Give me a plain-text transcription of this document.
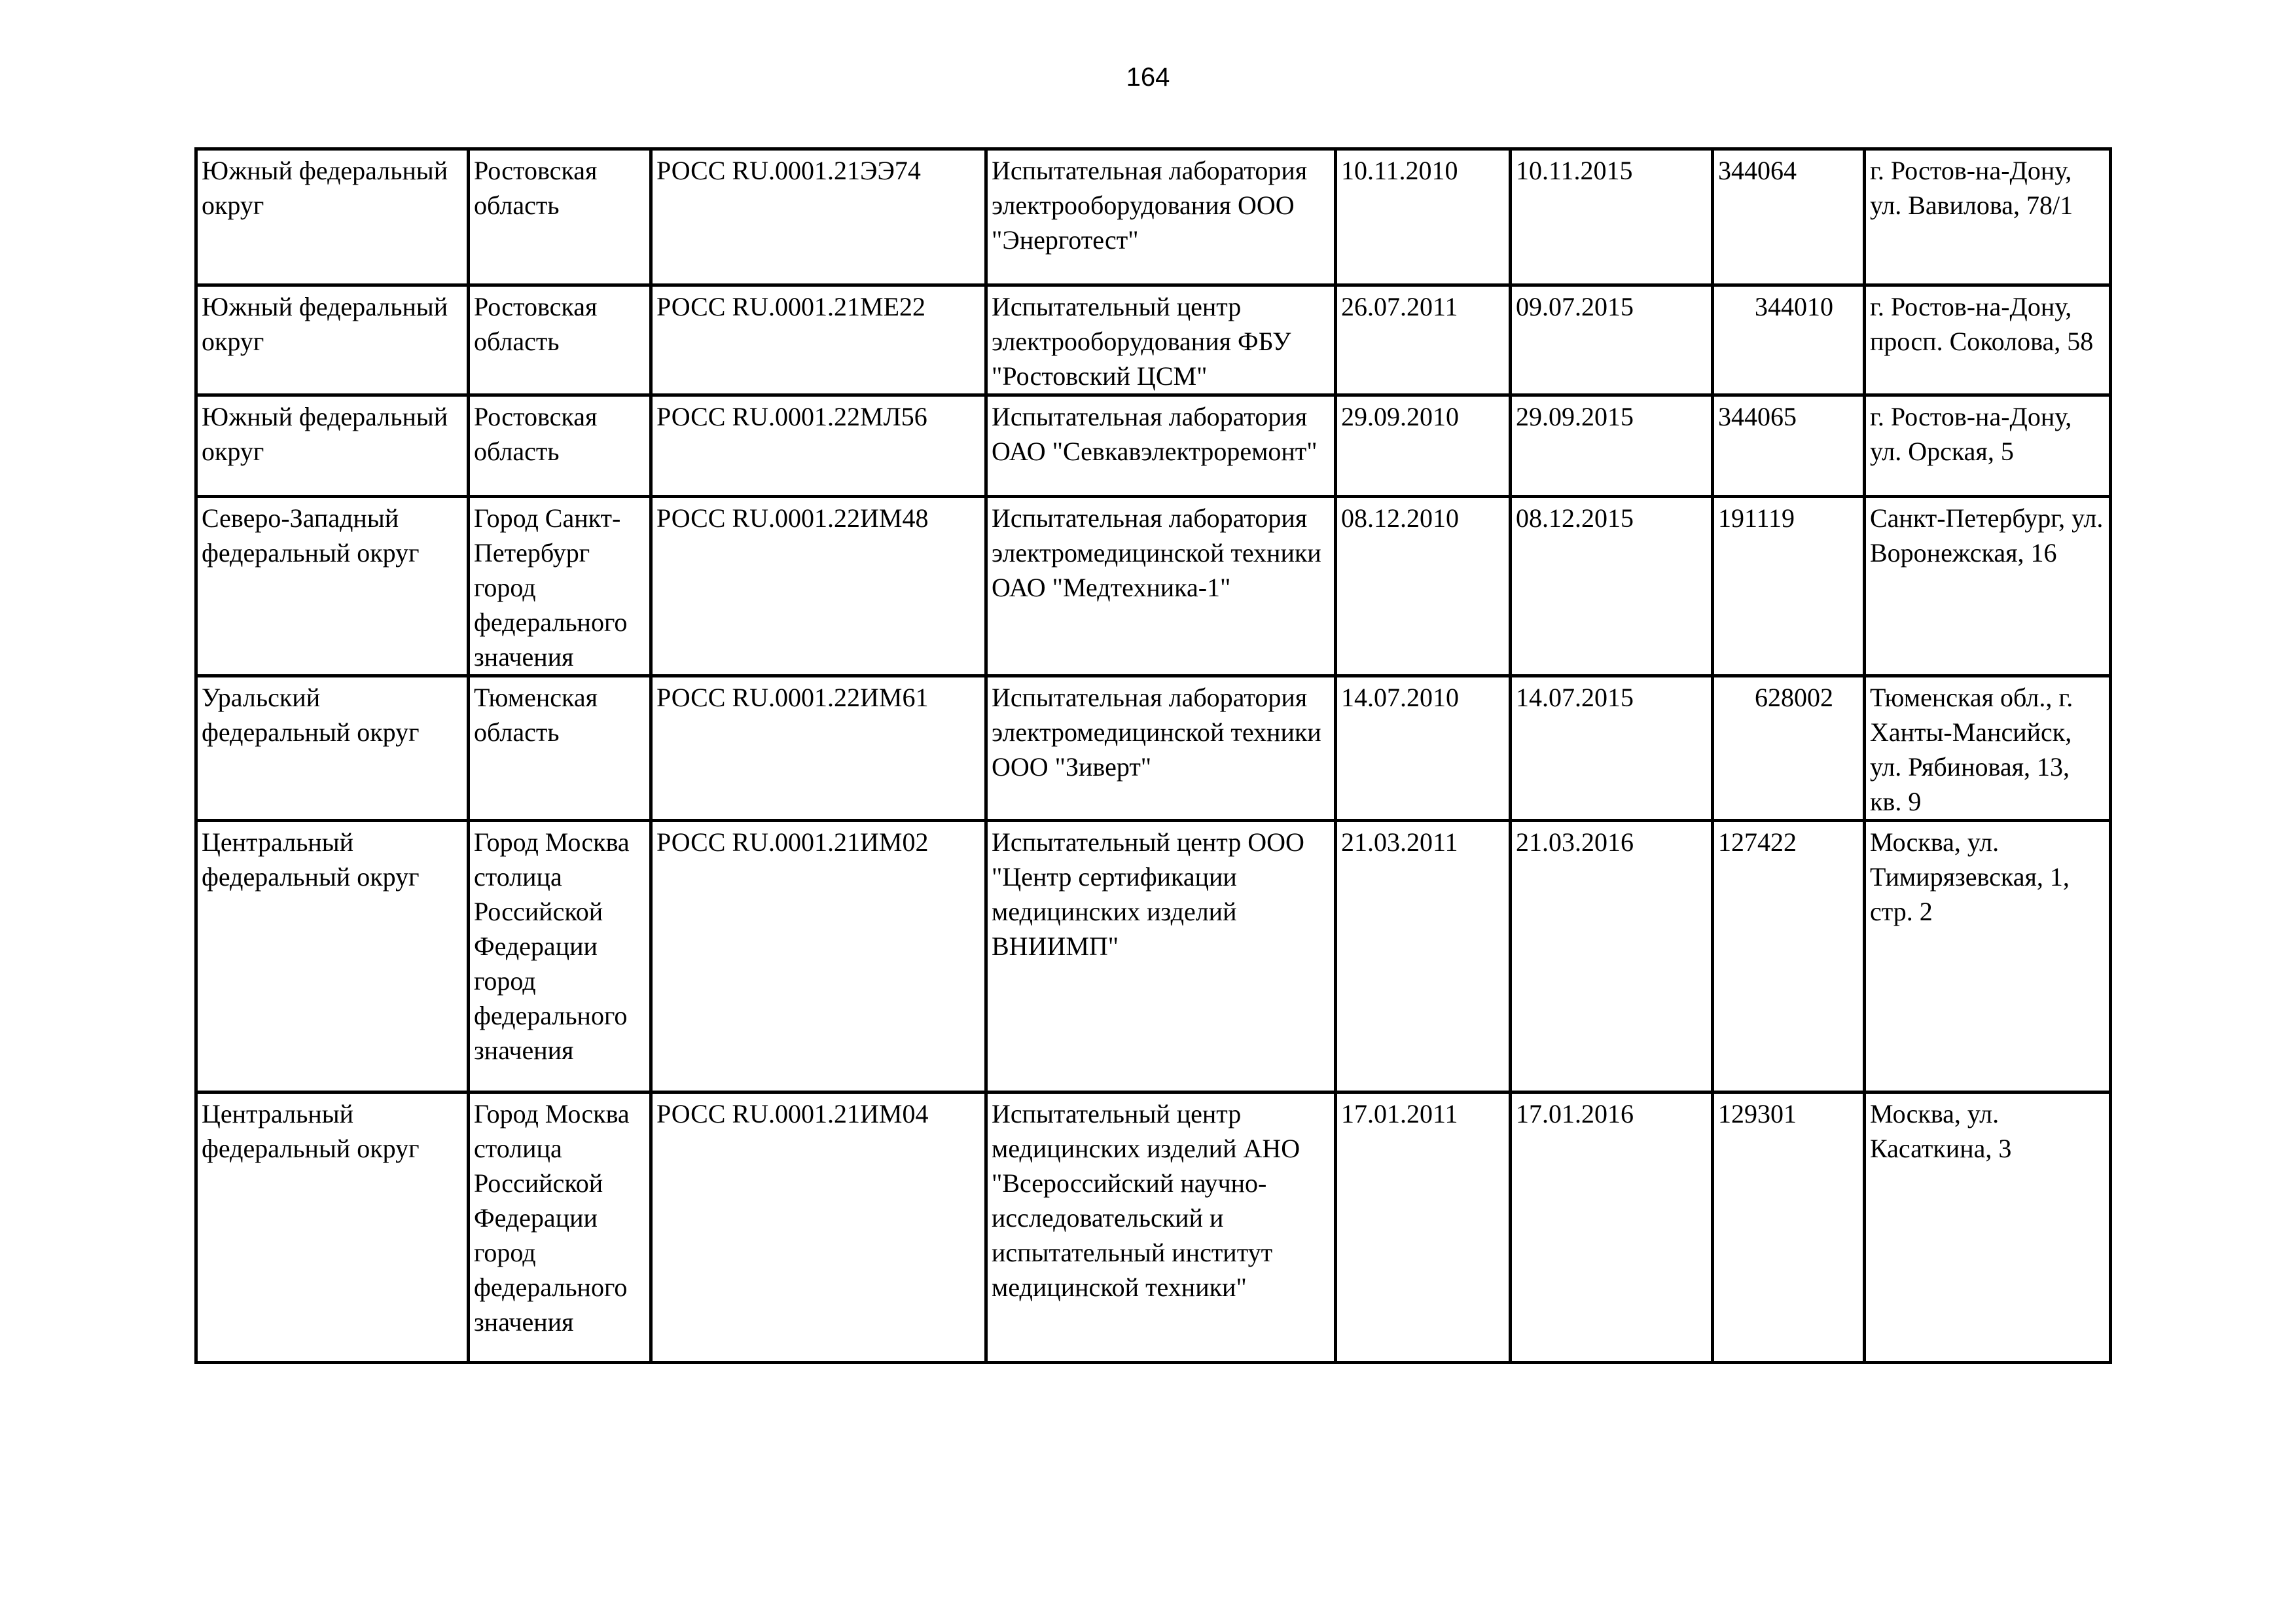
164
Южный федеральный округ	Ростовская область	РОСС RU.0001.21ЭЭ74	Испытательная лаборатория электрооборудования ООО "Энерготест"	10.11.2010	10.11.2015	344064	г. Ростов-на-Дону, ул. Вавилова, 78/1
Южный федеральный округ	Ростовская область	РОСС RU.0001.21МЕ22	Испытательный центр электрооборудования ФБУ "Ростовский ЦСМ"	26.07.2011	09.07.2015	344010	г. Ростов-на-Дону, просп. Соколова, 58
Южный федеральный округ	Ростовская область	РОСС RU.0001.22МЛ56	Испытательная лаборатория ОАО "Севкавэлектроремонт"	29.09.2010	29.09.2015	344065	г. Ростов-на-Дону, ул. Орская, 5
Северо-Западный федеральный округ	Город Санкт-Петербург город федерального значения	РОСС RU.0001.22ИМ48	Испытательная лаборатория электромедицинской техники ОАО "Медтехника-1"	08.12.2010	08.12.2015	191119	Санкт-Петербург, ул. Воронежская, 16
Уральский федеральный округ	Тюменская область	РОСС RU.0001.22ИМ61	Испытательная лаборатория электромедицинской техники ООО "Зиверт"	14.07.2010	14.07.2015	628002	Тюменская обл., г. Ханты-Мансийск, ул. Рябиновая, 13, кв. 9
Центральный федеральный округ	Город Москва столица Российской Федерации город федерального значения	РОСС RU.0001.21ИМ02	Испытательный центр ООО "Центр сертификации медицинских изделий ВНИИМП"	21.03.2011	21.03.2016	127422	Москва, ул. Тимирязевская, 1, стр. 2
Центральный федеральный округ	Город Москва столица Российской Федерации город федерального значения	РОСС RU.0001.21ИМ04	Испытательный центр медицинских изделий АНО "Всероссийский научно-исследовательский и испытательный институт медицинской техники"	17.01.2011	17.01.2016	129301	Москва, ул. Касаткина, 3
